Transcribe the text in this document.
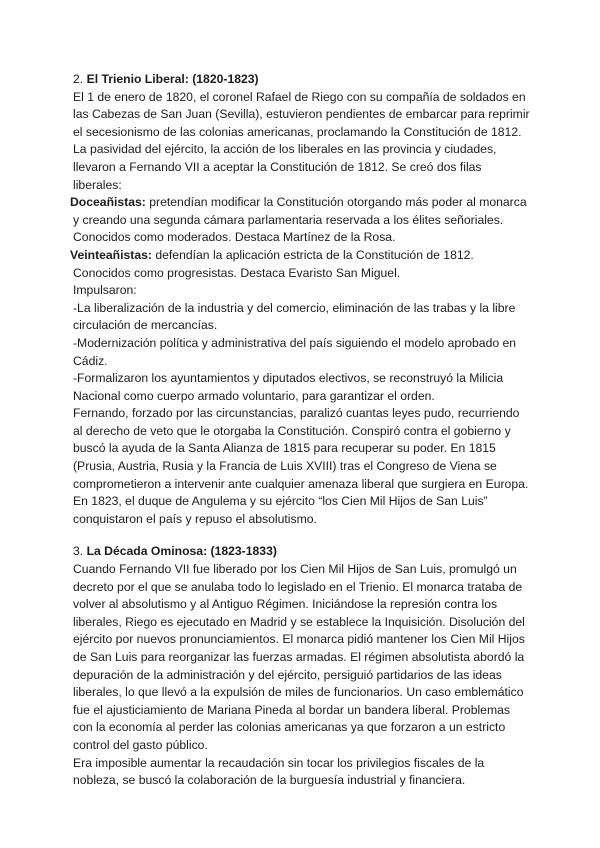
2. El Trienio Liberal: (1820-1823)
El 1 de enero de 1820, el coronel Rafael de Riego con su compañía de soldados en
las Cabezas de San Juan (Sevilla), estuvieron pendientes de embarcar para reprimir
el secesionismo de las colonias americanas, proclamando la Constitución de 1812.
La pasividad del ejército, la acción de los liberales en las provincia y ciudades,
llevaron a Fernando VII a aceptar la Constitución de 1812. Se creó dos filas
liberales:
Doceañistas: pretendían modificar la Constitución otorgando más poder al monarca
y creando una segunda cámara parlamentaria reservada a los élites señoriales.
Conocidos como moderados. Destaca Martínez de la Rosa.
Veinteañistas: defendían la aplicación estricta de la Constitución de 1812.
Conocidos como progresistas. Destaca Evaristo San Miguel.
Impulsaron:
-La liberalización de la industria y del comercio, eliminación de las trabas y la libre
circulación de mercancías.
-Modernización política y administrativa del país siguiendo el modelo aprobado en
Cádiz.
-Formalizaron los ayuntamientos y diputados electivos, se reconstruyó la Milicia
Nacional como cuerpo armado voluntario, para garantizar el orden.
Fernando, forzado por las circunstancias, paralizó cuantas leyes pudo, recurriendo
al derecho de veto que le otorgaba la Constitución. Conspiró contra el gobierno y
buscó la ayuda de la Santa Alianza de 1815 para recuperar su poder. En 1815
(Prusia, Austria, Rusia y la Francia de Luis XVIII) tras el Congreso de Viena se
comprometieron a intervenir ante cualquier amenaza liberal que surgiera en Europa.
En 1823, el duque de Angulema y su ejército “los Cien Mil Hijos de San Luis”
conquistaron el país y repuso el absolutismo.
3. La Década Ominosa: (1823-1833)
Cuando Fernando VII fue liberado por los Cien Mil Hijos de San Luis, promulgó un
decreto por el que se anulaba todo lo legislado en el Trienio. El monarca trataba de
volver al absolutismo y al Antiguo Régimen. Iniciándose la represión contra los
liberales, Riego es ejecutado en Madrid y se establece la Inquisición. Disolución del
ejército por nuevos pronunciamientos. El monarca pidió mantener los Cien Mil Hijos
de San Luis para reorganizar las fuerzas armadas. El régimen absolutista abordó la
depuración de la administración y del ejército, persiguió partidarios de las ideas
liberales, lo que llevó a la expulsión de miles de funcionarios. Un caso emblemático
fue el ajusticiamiento de Mariana Pineda al bordar un bandera liberal. Problemas
con la economía al perder las colonias americanas ya que forzaron a un estricto
control del gasto público.
Era imposible aumentar la recaudación sin tocar los privilegios fiscales de la
nobleza, se buscó la colaboración de la burguesía industrial y financiera.
